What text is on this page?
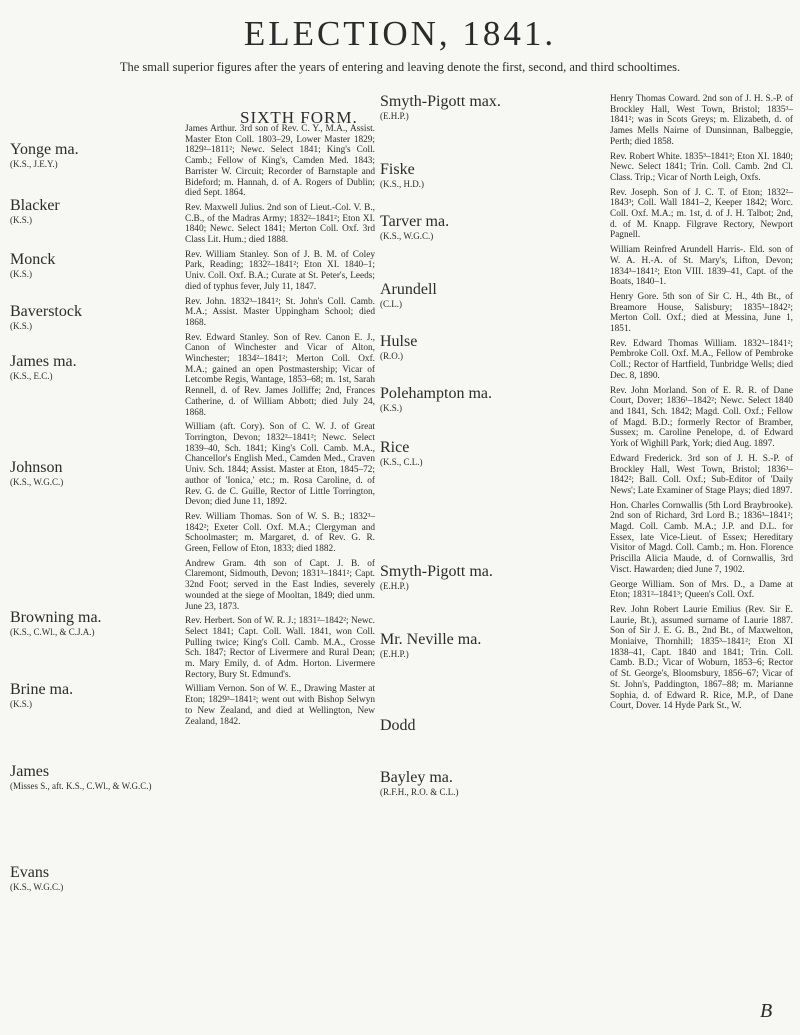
ELECTION, 1841.
The small superior figures after the years of entering and leaving denote the first, second, and third schooltimes.
SIXTH FORM.
Yonge ma.
(K.S., J.E.Y.)
Blacker
(K.S.)
Monck
(K.S.)
Baverstock
(K.S.)
James ma.
(K.S., E.C.)
Johnson
(K.S., W.G.C.)
Browning ma.
(K.S., C.Wl., & C.J.A.)
Brine ma.
(K.S.)
James
(Misses S., aft. K.S., C.Wl., & W.G.C.)
Evans
(K.S., W.G.C.)

James Arthur. 3rd son of Rev. C. Y., M.A., Assist. Master Eton Coll. 1803–29, Lower Master 1829; 1829²–1811²; Newc. Select 1841; King's Coll. Camb.; Fellow of King's, Camden Med. 1843; Barrister W. Circuit; Recorder of Barnstaple and Bideford; m. Hannah, d. of A. Rogers of Dublin; died Sept. 1864.

Rev. Maxwell Julius. 2nd son of Lieut.-Col. V. B., C.B., of the Madras Army; 1832²–1841²; Eton XI. 1840; Newc. Select 1841; Merton Coll. Oxf. 3rd Class Lit. Hum.; died 1888.

Rev. William Stanley. Son of J. B. M. of Coley Park, Reading; 1832²–1841²; Eton XI. 1840–1; Univ. Coll. Oxf. B.A.; Curate at St. Peter's, Leeds; died of typhus fever, July 11, 1847.

Rev. John. 1832³–1841²; St. John's Coll. Camb. M.A.; Assist. Master Uppingham School; died 1868.

Rev. Edward Stanley. Son of Rev. Canon E. J., Canon of Winchester and Vicar of Alton, Winchester; 1834²–1841²; Merton Coll. Oxf. M.A.; gained an open Postmastership; Vicar of Letcombe Regis, Wantage, 1853–68; m. 1st, Sarah Rennell, d. of Rev. James Jolliffe; 2nd, Frances Catherine, d. of William Abbott; died July 24, 1868.

William (aft. Cory). Son of C. W. J. of Great Torrington, Devon; 1832²–1841²; Newc. Select 1839–40, Sch. 1841; King's Coll. Camb. M.A., Chancellor's English Med., Camden Med., Craven Univ. Sch. 1844; Assist. Master at Eton, 1845–72; author of 'Ionica,' etc.; m. Rosa Caroline, d. of Rev. G. de C. Guille, Rector of Little Torrington, Devon; died June 11, 1892.

Rev. William Thomas. Son of W. S. B.; 1832³–1842²; Exeter Coll. Oxf. M.A.; Clergyman and Schoolmaster; m. Margaret, d. of Rev. G. R. Green, Fellow of Eton, 1833; died 1882.

Andrew Gram. 4th son of Capt. J. B. of Claremont, Sidmouth, Devon; 1831³–1841²; Capt. 32nd Foot; served in the East Indies, severely wounded at the siege of Mooltan, 1849; died unm. June 23, 1873.

Rev. Herbert. Son of W. R. J.; 1831²–1842²; Newc. Select 1841; Capt. Coll. Wall. 1841, won Coll. Pulling twice; King's Coll. Camb. M.A., Crosse Sch. 1847; Rector of Livermere and Rural Dean; m. Mary Emily, d. of Adm. Horton. Livermere Rectory, Bury St. Edmund's.

William Vernon. Son of W. E., Drawing Master at Eton; 1829³–1841²; went out with Bishop Selwyn to New Zealand, and died at Wellington, New Zealand, 1842.

Smyth-Pigott max.
(E.H.P.)
Fiske
(K.S., H.D.)
Tarver ma.
(K.S., W.G.C.)
Arundell
(C.L.)
Hulse
(R.O.)
Polehampton ma.
(K.S.)
Rice
(K.S., C.L.)
Smyth-Pigott ma.
(E.H.P.)
Mr. Neville ma.
(E.H.P.)
Dodd
Bayley ma.
(R.F.H., R.O. & C.L.)

Henry Thomas Coward. 2nd son of J. H. S.-P. of Brockley Hall, West Town, Bristol; 1835³–1841²; was in Scots Greys; m. Elizabeth, d. of James Mells Nairne of Dunsinnan, Balbeggie, Perth; died 1858.

Rev. Robert White. 1835³–1841²; Eton XI. 1840; Newc. Select 1841; Trin. Coll. Camb. 2nd Cl. Class. Trip.; Vicar of North Leigh, Oxfs.

Rev. Joseph. Son of J. C. T. of Eton; 1832²–1843³; Coll. Wall 1841–2, Keeper 1842; Worc. Coll. Oxf. M.A.; m. 1st, d. of J. H. Talbot; 2nd, d. of M. Knapp. Filgrave Rectory, Newport Pagnell.

William Reinfred Arundell Harris-. Eld. son of W. A. H.-A. of St. Mary's, Lifton, Devon; 1834³–1841²; Eton VIII. 1839–41, Capt. of the Boats, 1840–1.

Henry Gore. 5th son of Sir C. H., 4th Bt., of Breamore House, Salisbury; 1835³–1842²; Merton Coll. Oxf.; died at Messina, June 1, 1851.

Rev. Edward Thomas William. 1832³–1841²; Pembroke Coll. Oxf. M.A., Fellow of Pembroke Coll.; Rector of Hartfield, Tunbridge Wells; died Dec. 8, 1890.

Rev. John Morland. Son of E. R. R. of Dane Court, Dover; 1836¹–1842²; Newc. Select 1840 and 1841, Sch. 1842; Magd. Coll. Oxf.; Fellow of Magd. B.D.; formerly Rector of Bramber, Sussex; m. Caroline Penelope, d. of Edward York of Wighill Park, York; died Aug. 1897.

Edward Frederick. 3rd son of J. H. S.-P. of Brockley Hall, West Town, Bristol; 1836³–1842²; Ball. Coll. Oxf.; Sub-Editor of 'Daily News'; Late Examiner of Stage Plays; died 1897.

Hon. Charles Cornwallis (5th Lord Braybrooke). 2nd son of Richard, 3rd Lord B.; 1836³–1841²; Magd. Coll. Camb. M.A.; J.P. and D.L. for Essex, late Vice-Lieut. of Essex; Hereditary Visitor of Magd. Coll. Camb.; m. Hon. Florence Priscilla Alicia Maude, d. of Cornwallis, 3rd Visct. Hawarden; died June 7, 1902.

George William. Son of Mrs. D., a Dame at Eton; 1831²–1841³; Queen's Coll. Oxf.

Rev. John Robert Laurie Emilius (Rev. Sir E. Laurie, Bt.), assumed surname of Laurie 1887. Son of Sir J. E. G. B., 2nd Bt., of Maxwelton, Moniaive, Thornhill; 1835³–1841²; Eton XI 1838–41, Capt. 1840 and 1841; Trin. Coll. Camb. B.D.; Vicar of Woburn, 1853–6; Rector of St. George's, Bloomsbury, 1856–67; Vicar of St. John's, Paddington, 1867–88; m. Marianne Sophia, d. of Edward R. Rice, M.P., of Dane Court, Dover. 14 Hyde Park St., W.

B
